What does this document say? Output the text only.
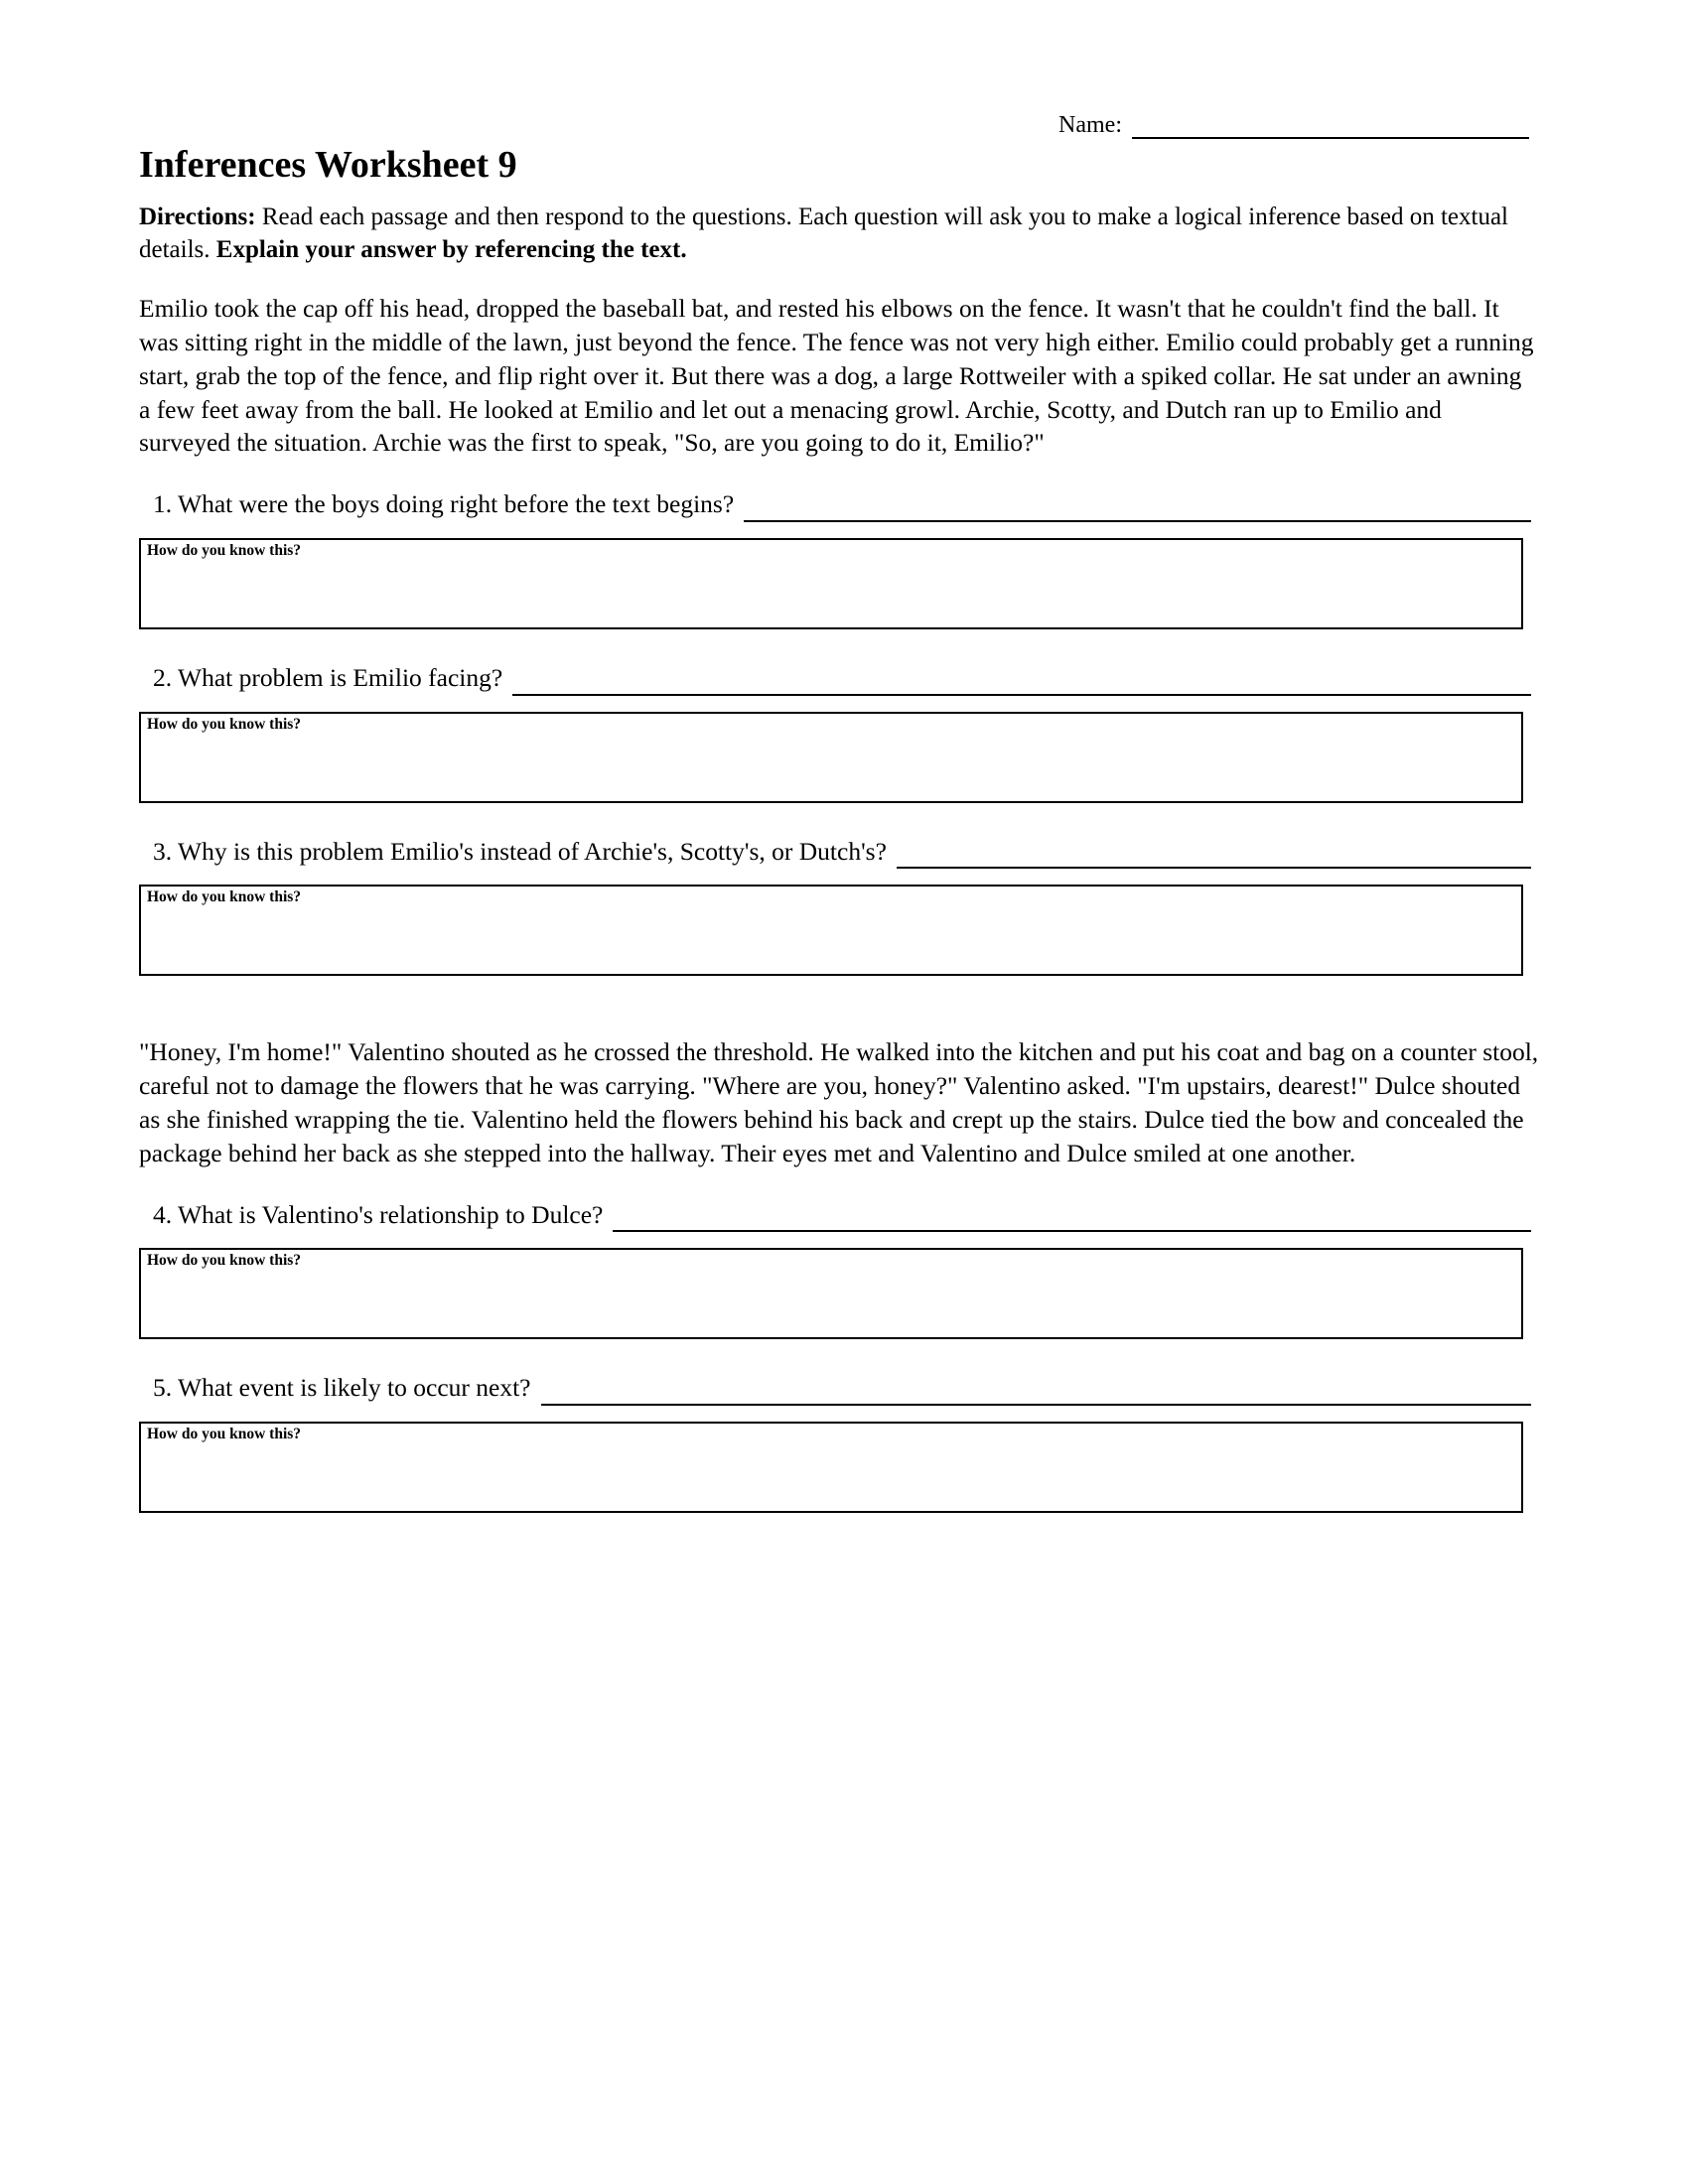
Name:
Inferences Worksheet 9
Directions: Read each passage and then respond to the questions. Each question will ask you to make a logical inference based on textual details. Explain your answer by referencing the text.
Emilio took the cap off his head, dropped the baseball bat, and rested his elbows on the fence. It wasn't that he couldn't find the ball. It was sitting right in the middle of the lawn, just beyond the fence. The fence was not very high either. Emilio could probably get a running start, grab the top of the fence, and flip right over it. But there was a dog, a large Rottweiler with a spiked collar. He sat under an awning a few feet away from the ball. He looked at Emilio and let out a menacing growl. Archie, Scotty, and Dutch ran up to Emilio and surveyed the situation. Archie was the first to speak, "So, are you going to do it, Emilio?"
1. What were the boys doing right before the text begins?
How do you know this?
2. What problem is Emilio facing?
How do you know this?
3. Why is this problem Emilio's instead of Archie's, Scotty's, or Dutch's?
How do you know this?
"Honey, I'm home!" Valentino shouted as he crossed the threshold. He walked into the kitchen and put his coat and bag on a counter stool, careful not to damage the flowers that he was carrying. "Where are you, honey?" Valentino asked. "I'm upstairs, dearest!" Dulce shouted as she finished wrapping the tie. Valentino held the flowers behind his back and crept up the stairs. Dulce tied the bow and concealed the package behind her back as she stepped into the hallway. Their eyes met and Valentino and Dulce smiled at one another.
4. What is Valentino's relationship to Dulce?
How do you know this?
5. What event is likely to occur next?
How do you know this?
